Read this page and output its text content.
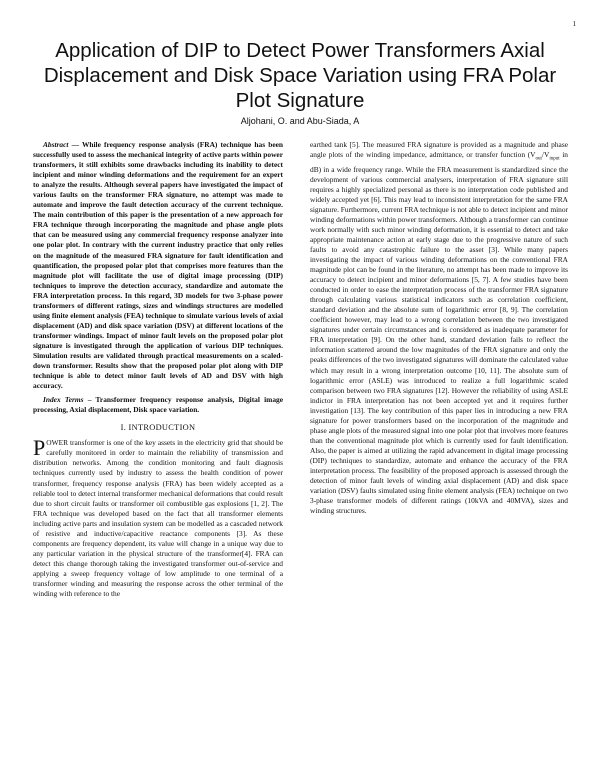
1
Application of DIP to Detect Power Transformers Axial Displacement and Disk Space Variation using FRA Polar Plot Signature
Aljohani, O. and Abu-Siada, A

Abstract — While frequency response analysis (FRA) technique has been successfully used to assess the mechanical integrity of active parts within power transformers, it still exhibits some drawbacks including its inability to detect incipient and minor winding deformations and the requirement for an expert to analyze the results. Although several papers have investigated the impact of various faults on the transformer FRA signature, no attempt was made to automate and improve the fault detection accuracy of the current technique. The main contribution of this paper is the presentation of a new approach for FRA technique through incorporating the magnitude and phase angle plots that can be measured using any commercial frequency response analyzer into one polar plot. In contrary with the current industry practice that only relies on the magnitude of the measured FRA signature for fault identification and quantification, the proposed polar plot that comprises more features than the magnitude plot will facilitate the use of digital image processing (DIP) techniques to improve the detection accuracy, standardize and automate the FRA interpretation process. In this regard, 3D models for two 3-phase power transformers of different ratings, sizes and windings structures are modelled using finite element analysis (FEA) technique to simulate various levels of axial displacement (AD) and disk space variation (DSV) at different locations of the transformer windings. Impact of minor fault levels on the proposed polar plot signature is investigated through the application of various DIP techniques. Simulation results are validated through practical measurements on a scaled-down transformer. Results show that the proposed polar plot along with DIP technique is able to detect minor fault levels of AD and DSV with high accuracy.

Index Terms – Transformer frequency response analysis, Digital image processing, Axial displacement, Disk space variation.

I. INTRODUCTION

POWER transformer is one of the key assets in the electricity grid that should be carefully monitored in order to maintain the reliability of transmission and distribution networks. Among the condition monitoring and fault diagnosis techniques currently used by industry to assess the health condition of power transformer, frequency response analysis (FRA) has been widely accepted as a reliable tool to detect internal transformer mechanical deformations that could result due to short circuit faults or transformer oil combustible gas explosions [1, 2]. The FRA technique was developed based on the fact that all transformer elements including active parts and insulation system can be modelled as a cascaded network of resistive and inductive/capacitive reactance components [3]. As these components are frequency dependent, its value will change in a unique way due to any particular variation in the physical structure of the transformer[4]. FRA can detect this change thorough taking the investigated transformer out-of-service and applying a sweep frequency voltage of low amplitude to one terminal of a transformer winding and measuring the response across the other terminal of the winding with reference to the

earthed tank [5]. The measured FRA signature is provided as a magnitude and phase angle plots of the winding impedance, admittance, or transfer function ($V_{out}/V_{input}$ in dB) in a wide frequency range. While the FRA measurement is standardized since the development of various commercial analysers, interpretation of FRA signature still requires a highly specialized personal as there is no interpretation code published and widely accepted yet [6]. This may lead to inconsistent interpretation for the same FRA signature. Furthermore, current FRA technique is not able to detect incipient and minor winding deformations within power transformers. Although a transformer can continue work normally with such minor winding deformation, it is essential to detect and take appropriate maintenance action at early stage due to the progressive nature of such faults to avoid any catastrophic failure to the asset [3]. While many papers investigating the impact of various winding deformations on the conventional FRA magnitude plot can be found in the literature, no attempt has been made to improve its accuracy to detect incipient and minor deformations [5, 7]. A few studies have been conducted in order to ease the interpretation process of the transformer FRA signature through calculating various statistical indicators such as correlation coefficient, standard deviation and the absolute sum of logarithmic error [8, 9]. The correlation coefficient however, may lead to a wrong correlation between the two investigated signatures under certain circumstances and is considered as inadequate parameter for FRA interpretation [9]. On the other hand, standard deviation fails to reflect the information scattered around the low magnitudes of the FRA signature and only the peaks differences of the two investigated signatures will dominate the calculated value which may result in a wrong interpretation outcome [10, 11]. The absolute sum of logarithmic error (ASLE) was introduced to realize a full logarithmic scaled comparison between two FRA signatures [12]. However the reliability of using ASLE indictor in FRA interpretation has not been accepted yet and it requires further investigation [13]. The key contribution of this paper lies in introducing a new FRA signature for power transformers based on the incorporation of the magnitude and phase angle plots of the measured signal into one polar plot that involves more features than the conventional magnitude plot which is currently used for fault identification. Also, the paper is aimed at utilizing the rapid advancement in digital image processing (DIP) techniques to standardize, automate and enhance the accuracy of the FRA interpretation process. The feasibility of the proposed approach is assessed through the detection of minor fault levels of winding axial displacement (AD) and disk space variation (DSV) faults simulated using finite element analysis (FEA) technique on two 3-phase transformer models of different ratings (10kVA and 40MVA), sizes and winding structures.
